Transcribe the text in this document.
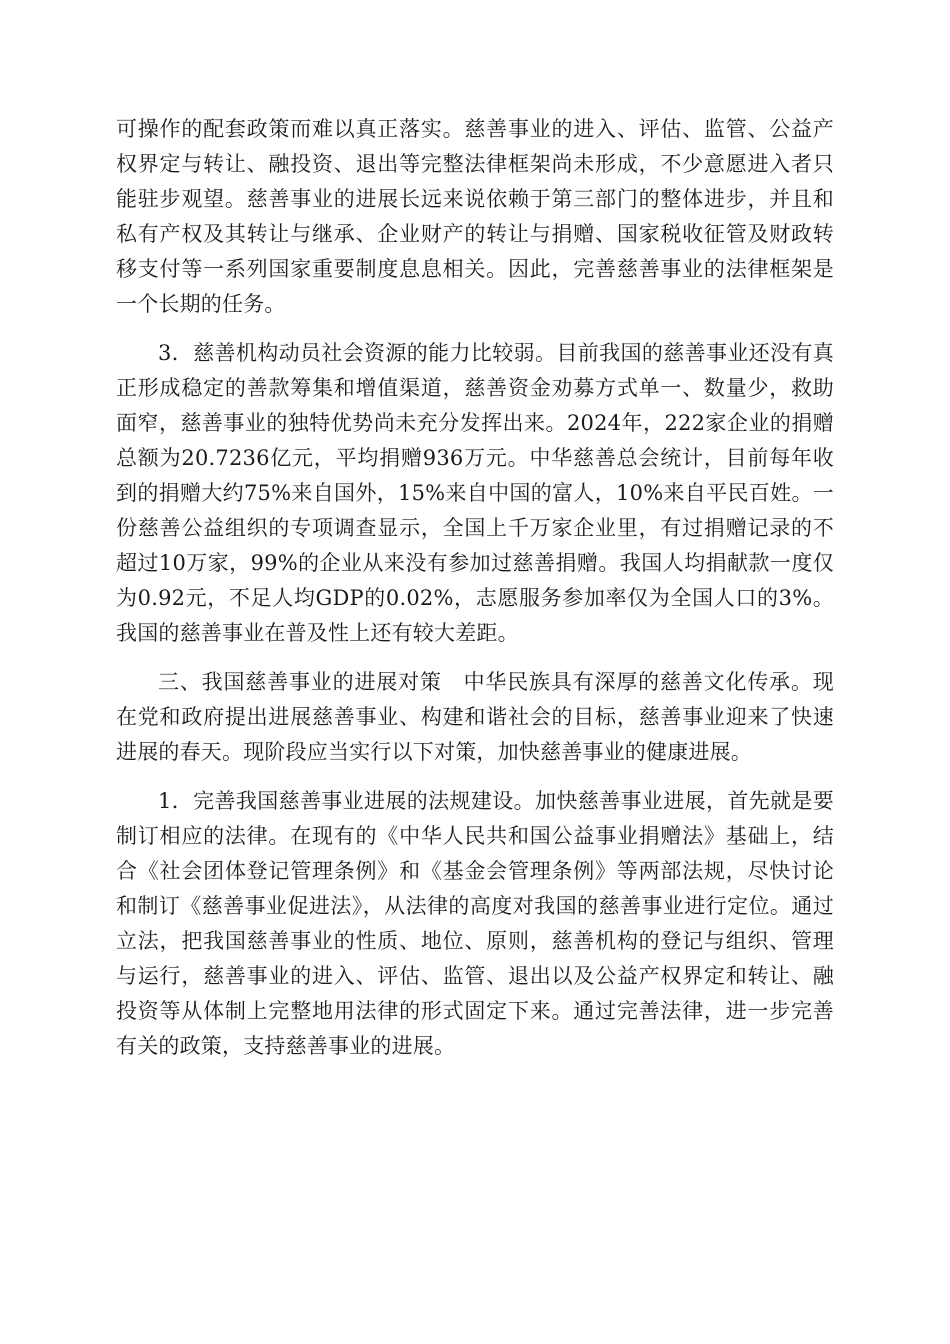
可操作的配套政策而难以真正落实。慈善事业的进入、评估、监管、公益产权界定与转让、融投资、退出等完整法律框架尚未形成，不少意愿进入者只能驻步观望。慈善事业的进展长远来说依赖于第三部门的整体进步，并且和私有产权及其转让与继承、企业财产的转让与捐赠、国家税收征管及财政转移支付等一系列国家重要制度息息相关。因此，完善慈善事业的法律框架是一个长期的任务。

3．慈善机构动员社会资源的能力比较弱。目前我国的慈善事业还没有真正形成稳定的善款筹集和增值渠道，慈善资金劝募方式单一、数量少，救助面窄，慈善事业的独特优势尚未充分发挥出来。2024年，222家企业的捐赠总额为20.7236亿元，平均捐赠936万元。中华慈善总会统计，目前每年收到的捐赠大约75%来自国外，15%来自中国的富人，10%来自平民百姓。一份慈善公益组织的专项调查显示，全国上千万家企业里，有过捐赠记录的不超过10万家，99%的企业从来没有参加过慈善捐赠。我国人均捐献款一度仅为0.92元，不足人均GDP的0.02%，志愿服务参加率仅为全国人口的3%。我国的慈善事业在普及性上还有较大差距。

三、我国慈善事业的进展对策　中华民族具有深厚的慈善文化传承。现在党和政府提出进展慈善事业、构建和谐社会的目标，慈善事业迎来了快速进展的春天。现阶段应当实行以下对策，加快慈善事业的健康进展。

1．完善我国慈善事业进展的法规建设。加快慈善事业进展，首先就是要制订相应的法律。在现有的《中华人民共和国公益事业捐赠法》基础上，结合《社会团体登记管理条例》和《基金会管理条例》等两部法规，尽快讨论和制订《慈善事业促进法》，从法律的高度对我国的慈善事业进行定位。通过立法，把我国慈善事业的性质、地位、原则，慈善机构的登记与组织、管理与运行，慈善事业的进入、评估、监管、退出以及公益产权界定和转让、融投资等从体制上完整地用法律的形式固定下来。通过完善法律，进一步完善有关的政策，支持慈善事业的进展。
